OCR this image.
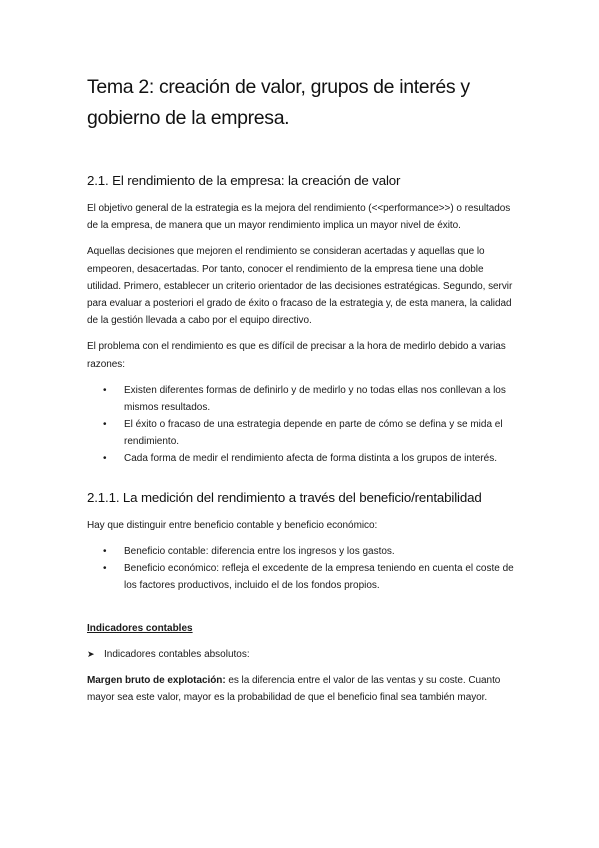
Tema 2: creación de valor, grupos de interés y
gobierno de la empresa.
2.1. El rendimiento de la empresa: la creación de valor

El objetivo general de la estrategia es la mejora del rendimiento (<<performance>>) o resultados de la empresa, de manera que un mayor rendimiento implica un mayor nivel de éxito.

Aquellas decisiones que mejoren el rendimiento se consideran acertadas y aquellas que lo empeoren, desacertadas. Por tanto, conocer el rendimiento de la empresa tiene una doble utilidad. Primero, establecer un criterio orientador de las decisiones estratégicas. Segundo, servir para evaluar a posteriori el grado de éxito o fracaso de la estrategia y, de esta manera, la calidad de la gestión llevada a cabo por el equipo directivo.

El problema con el rendimiento es que es difícil de precisar a la hora de medirlo debido a varias razones:

• Existen diferentes formas de definirlo y de medirlo y no todas ellas nos conllevan a los mismos resultados.
• El éxito o fracaso de una estrategia depende en parte de cómo se defina y se mida el rendimiento.
• Cada forma de medir el rendimiento afecta de forma distinta a los grupos de interés.
2.1.1. La medición del rendimiento a través del beneficio/rentabilidad

Hay que distinguir entre beneficio contable y beneficio económico:

• Beneficio contable: diferencia entre los ingresos y los gastos.
• Beneficio económico: refleja el excedente de la empresa teniendo en cuenta el coste de los factores productivos, incluido el de los fondos propios.
Indicadores contables
➤ Indicadores contables absolutos:

Margen bruto de explotación: es la diferencia entre el valor de las ventas y su coste. Cuanto mayor sea este valor, mayor es la probabilidad de que el beneficio final sea también mayor.
